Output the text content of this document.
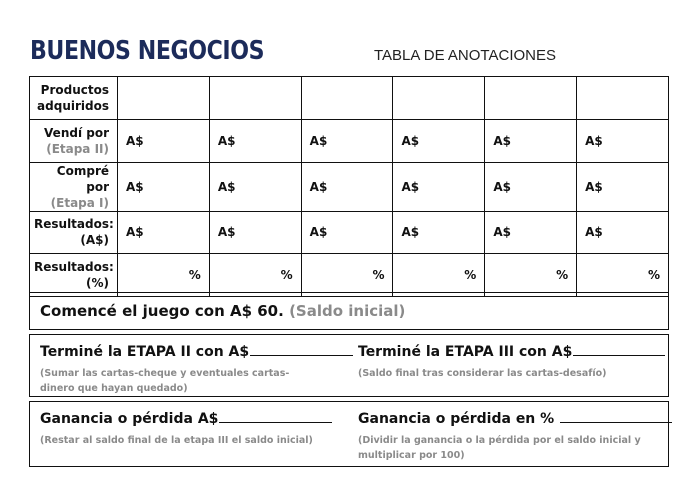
BUENOS NEGOCIOS	TABLA DE ANOTACIONES
Productos adquiridos						
Vendí por
(Etapa II)	A$	A$	A$	A$	A$	A$
Compré por
(Etapa I)	A$	A$	A$	A$	A$	A$
Resultados:
(A$)	A$	A$	A$	A$	A$	A$
Resultados:
(%)	%	%	%	%	%	%
Comencé el juego con A$ 60. (Saldo inicial)
Terminé la ETAPA II con A$
(Sumar las cartas-cheque y eventuales cartas-dinero que hayan quedado)
Terminé la ETAPA III con A$
(Saldo final tras considerar las cartas-desafío)
Ganancia o pérdida A$
(Restar al saldo final de la etapa III el saldo inicial)
Ganancia o pérdida en %
(Dividir la ganancia o la pérdida por el saldo inicial y multiplicar por 100)
